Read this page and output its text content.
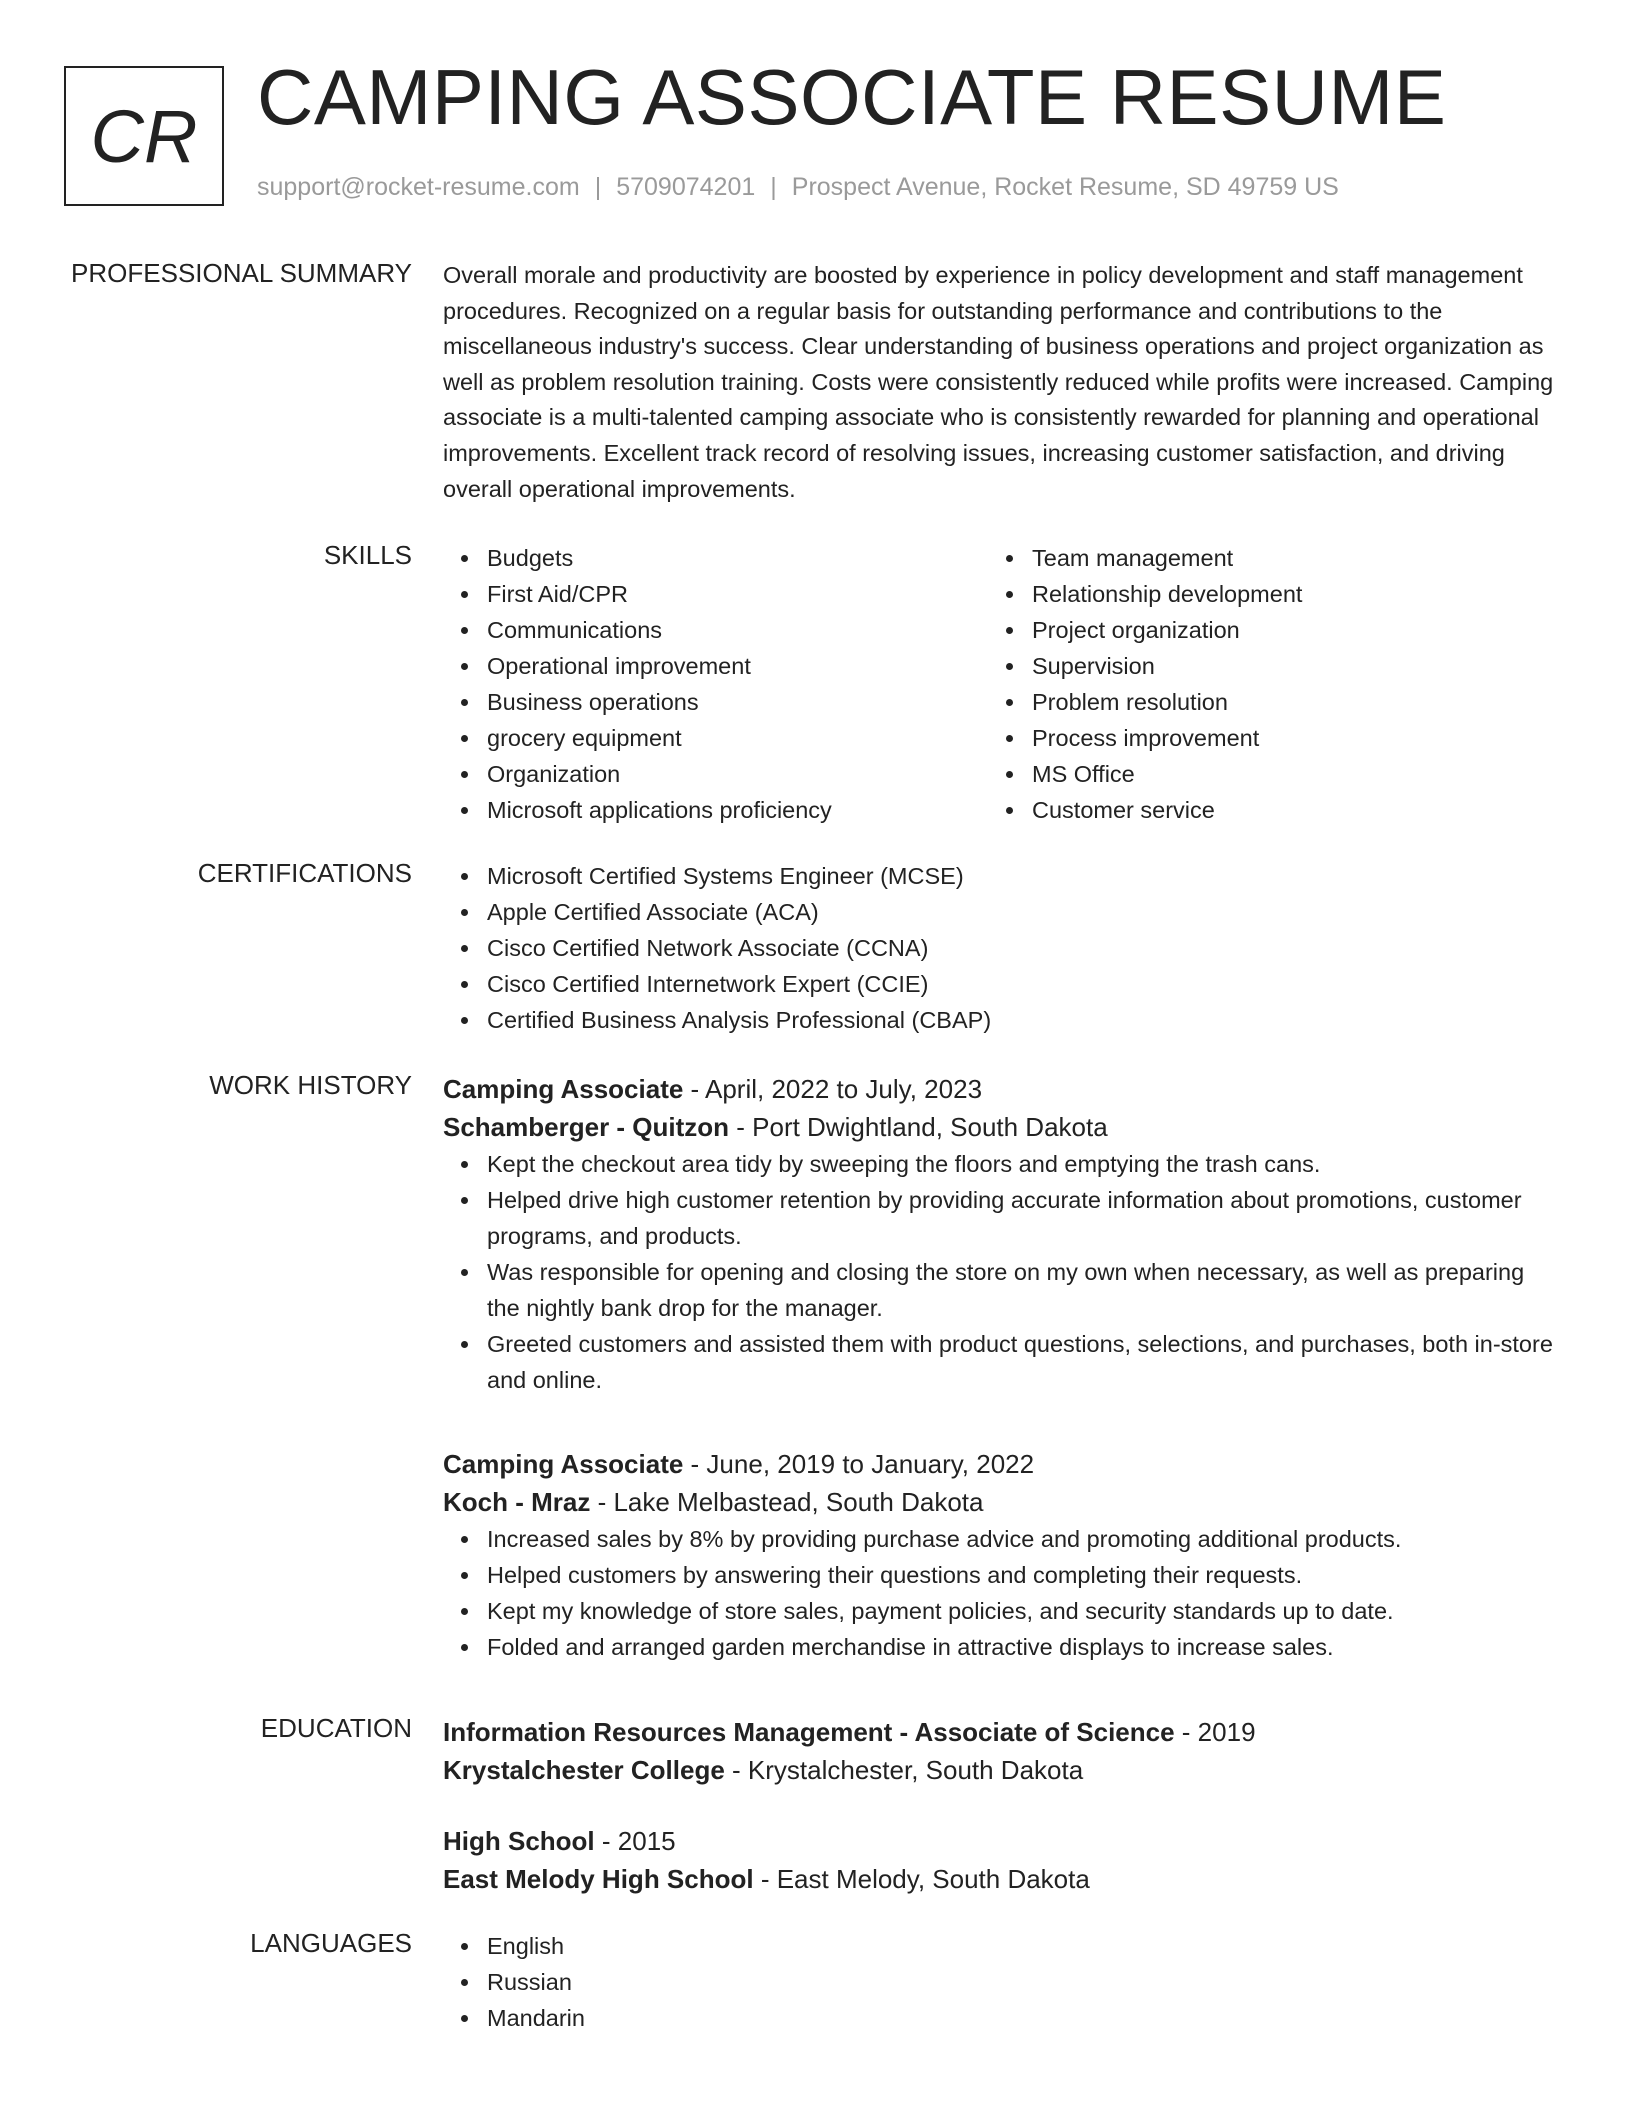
CR CAMPING ASSOCIATE RESUME
support@rocket-resume.com | 5709074201 | Prospect Avenue, Rocket Resume, SD 49759 US
PROFESSIONAL SUMMARY Overall morale and productivity are boosted by experience in policy development and staff management procedures. Recognized on a regular basis for outstanding performance and contributions to the miscellaneous industry's success. Clear understanding of business operations and project organization as well as problem resolution training. Costs were consistently reduced while profits were increased. Camping associate is a multi-talented camping associate who is consistently rewarded for planning and operational improvements. Excellent track record of resolving issues, increasing customer satisfaction, and driving overall operational improvements.

SKILLS	Budgets
First Aid/CPR
Communications
Operational improvement
Business operations
grocery equipment
Organization
Microsoft applications proficiency
Team management
Relationship development
Project organization
Supervision
Problem resolution
Process improvement
MS Office
Customer service
CERTIFICATIONS	Microsoft Certified Systems Engineer (MCSE)
Apple Certified Associate (ACA)
Cisco Certified Network Associate (CCNA)
Cisco Certified Internetwork Expert (CCIE)
Certified Business Analysis Professional (CBAP)
WORK HISTORY Camping Associate - April, 2022 to July, 2023
Schamberger - Quitzon - Port Dwightland, South Dakota
Kept the checkout area tidy by sweeping the floors and emptying the trash cans.
Helped drive high customer retention by providing accurate information about promotions, customer programs, and products.
Was responsible for opening and closing the store on my own when necessary, as well as preparing the nightly bank drop for the manager.
Greeted customers and assisted them with product questions, selections, and purchases, both in-store and online.
Camping Associate - June, 2019 to January, 2022
Koch - Mraz - Lake Melbastead, South Dakota
Increased sales by 8% by providing purchase advice and promoting additional products.
Helped customers by answering their questions and completing their requests.
Kept my knowledge of store sales, payment policies, and security standards up to date.
Folded and arranged garden merchandise in attractive displays to increase sales.
EDUCATION Information Resources Management - Associate of Science - 2019
Krystalchester College - Krystalchester, South Dakota
High School - 2015
East Melody High School - East Melody, South Dakota
LANGUAGES	English
Russian
Mandarin
